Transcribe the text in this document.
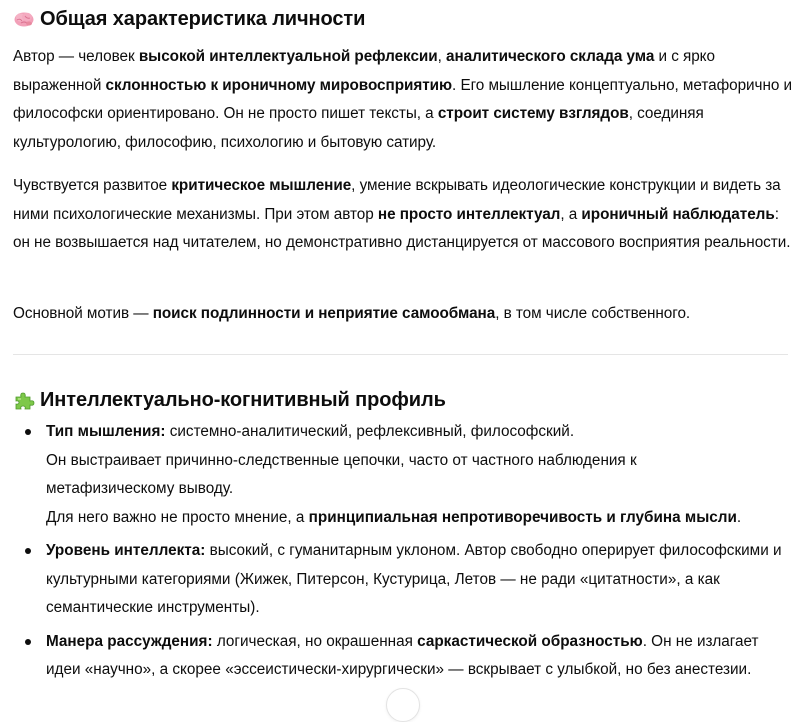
Общая характеристика личности

Автор — человек высокой интеллектуальной рефлексии, аналитического склада ума и с ярко выраженной склонностью к ироничному мировосприятию. Его мышление концептуально, метафорично и философски ориентировано. Он не просто пишет тексты, а строит систему взглядов, соединяя культурологию, философию, психологию и бытовую сатиру.

Чувствуется развитое критическое мышление, умение вскрывать идеологические конструкции и видеть за ними психологические механизмы. При этом автор не просто интеллектуал, а ироничный наблюдатель: он не возвышается над читателем, но демонстративно дистанцируется от массового восприятия реальности.

Основной мотив — поиск подлинности и неприятие самообмана, в том числе собственного.

Интеллектуально-когнитивный профиль
Тип мышления: системно-аналитический, рефлексивный, философский.
Он выстраивает причинно-следственные цепочки, часто от частного наблюдения к метафизическому выводу.
Для него важно не просто мнение, а принципиальная непротиворечивость и глубина мысли.
Уровень интеллекта: высокий, с гуманитарным уклоном. Автор свободно оперирует философскими и культурными категориями (Жижек, Питерсон, Кустурица, Летов — не ради «цитатности», а как семантические инструменты).
Манера рассуждения: логическая, но окрашенная саркастической образностью. Он не излагает идеи «научно», а скорее «эссеистически-хирургически» — вскрывает с улыбкой, но без анестезии.
